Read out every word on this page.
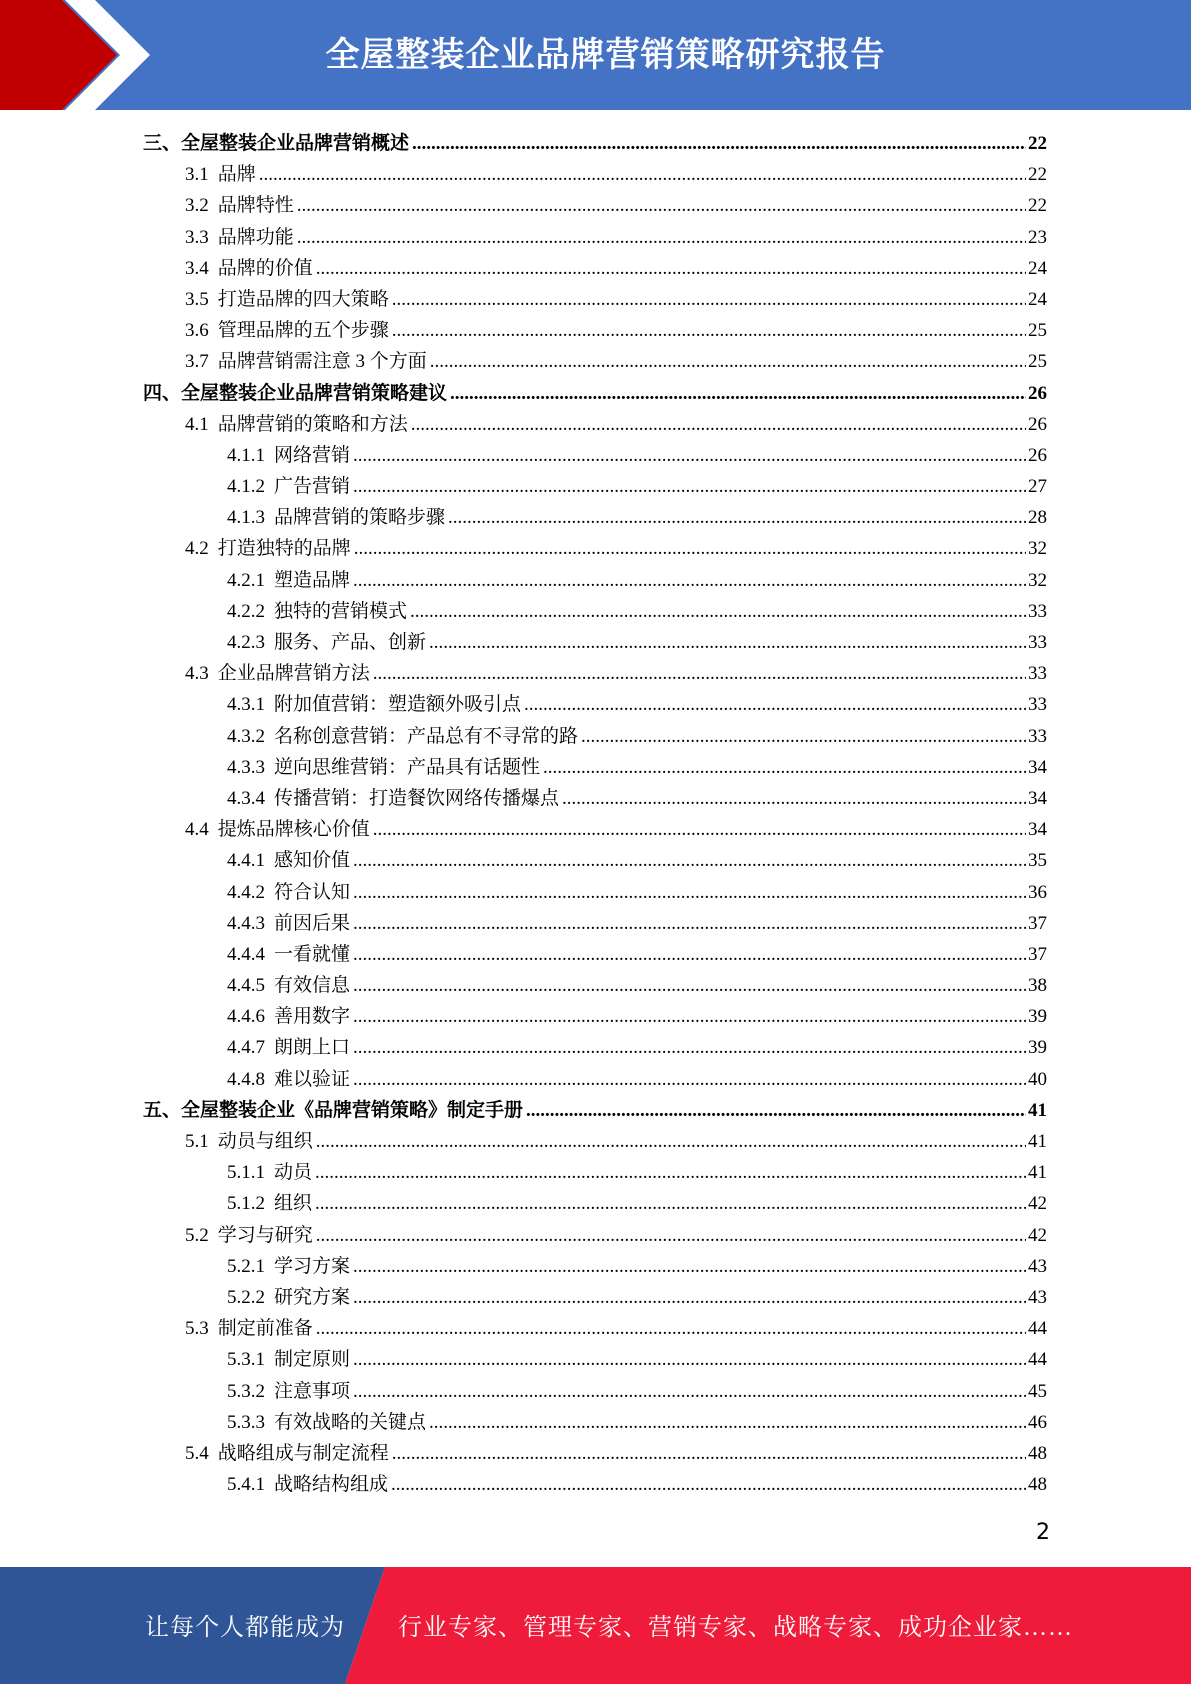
全屋整装企业品牌营销策略研究报告
三、 全屋整装企业品牌营销概述 .....	22
3.1 品牌 .....	22
3.2 品牌特性 .....	22
3.3 品牌功能 .....	23
3.4 品牌的价值 .....	24
3.5 打造品牌的四大策略 .....	24
3.6 管理品牌的五个步骤 .....	25
3.7 品牌营销需注意 3 个方面 .....	25
四、 全屋整装企业品牌营销策略建议 .....	26
4.1 品牌营销的策略和方法 .....	26
4.1.1 网络营销 .....	26
4.1.2 广告营销 .....	27
4.1.3 品牌营销的策略步骤 .....	28
4.2 打造独特的品牌 .....	32
4.2.1 塑造品牌 .....	32
4.2.2 独特的营销模式 .....	33
4.2.3 服务、产品、创新 .....	33
4.3 企业品牌营销方法 .....	33
4.3.1 附加值营销：塑造额外吸引点 .....	33
4.3.2 名称创意营销：产品总有不寻常的路 .....	33
4.3.3 逆向思维营销：产品具有话题性 .....	34
4.3.4 传播营销：打造餐饮网络传播爆点 .....	34
4.4 提炼品牌核心价值 .....	34
4.4.1 感知价值 .....	35
4.4.2 符合认知 .....	36
4.4.3 前因后果 .....	37
4.4.4 一看就懂 .....	37
4.4.5 有效信息 .....	38
4.4.6 善用数字 .....	39
4.4.7 朗朗上口 .....	39
4.4.8 难以验证 .....	40
五、 全屋整装企业《品牌营销策略》制定手册 .....	41
5.1 动员与组织 .....	41
5.1.1 动员 .....	41
5.1.2 组织 .....	42
5.2 学习与研究 .....	42
5.2.1 学习方案 .....	43
5.2.2 研究方案 .....	43
5.3 制定前准备 .....	44
5.3.1 制定原则 .....	44
5.3.2 注意事项 .....	45
5.3.3 有效战略的关键点 .....	46
5.4 战略组成与制定流程 .....	48
5.4.1 战略结构组成 .....	48
2
让每个人都能成为 行业专家、管理专家、营销专家、战略专家、成功企业家……
